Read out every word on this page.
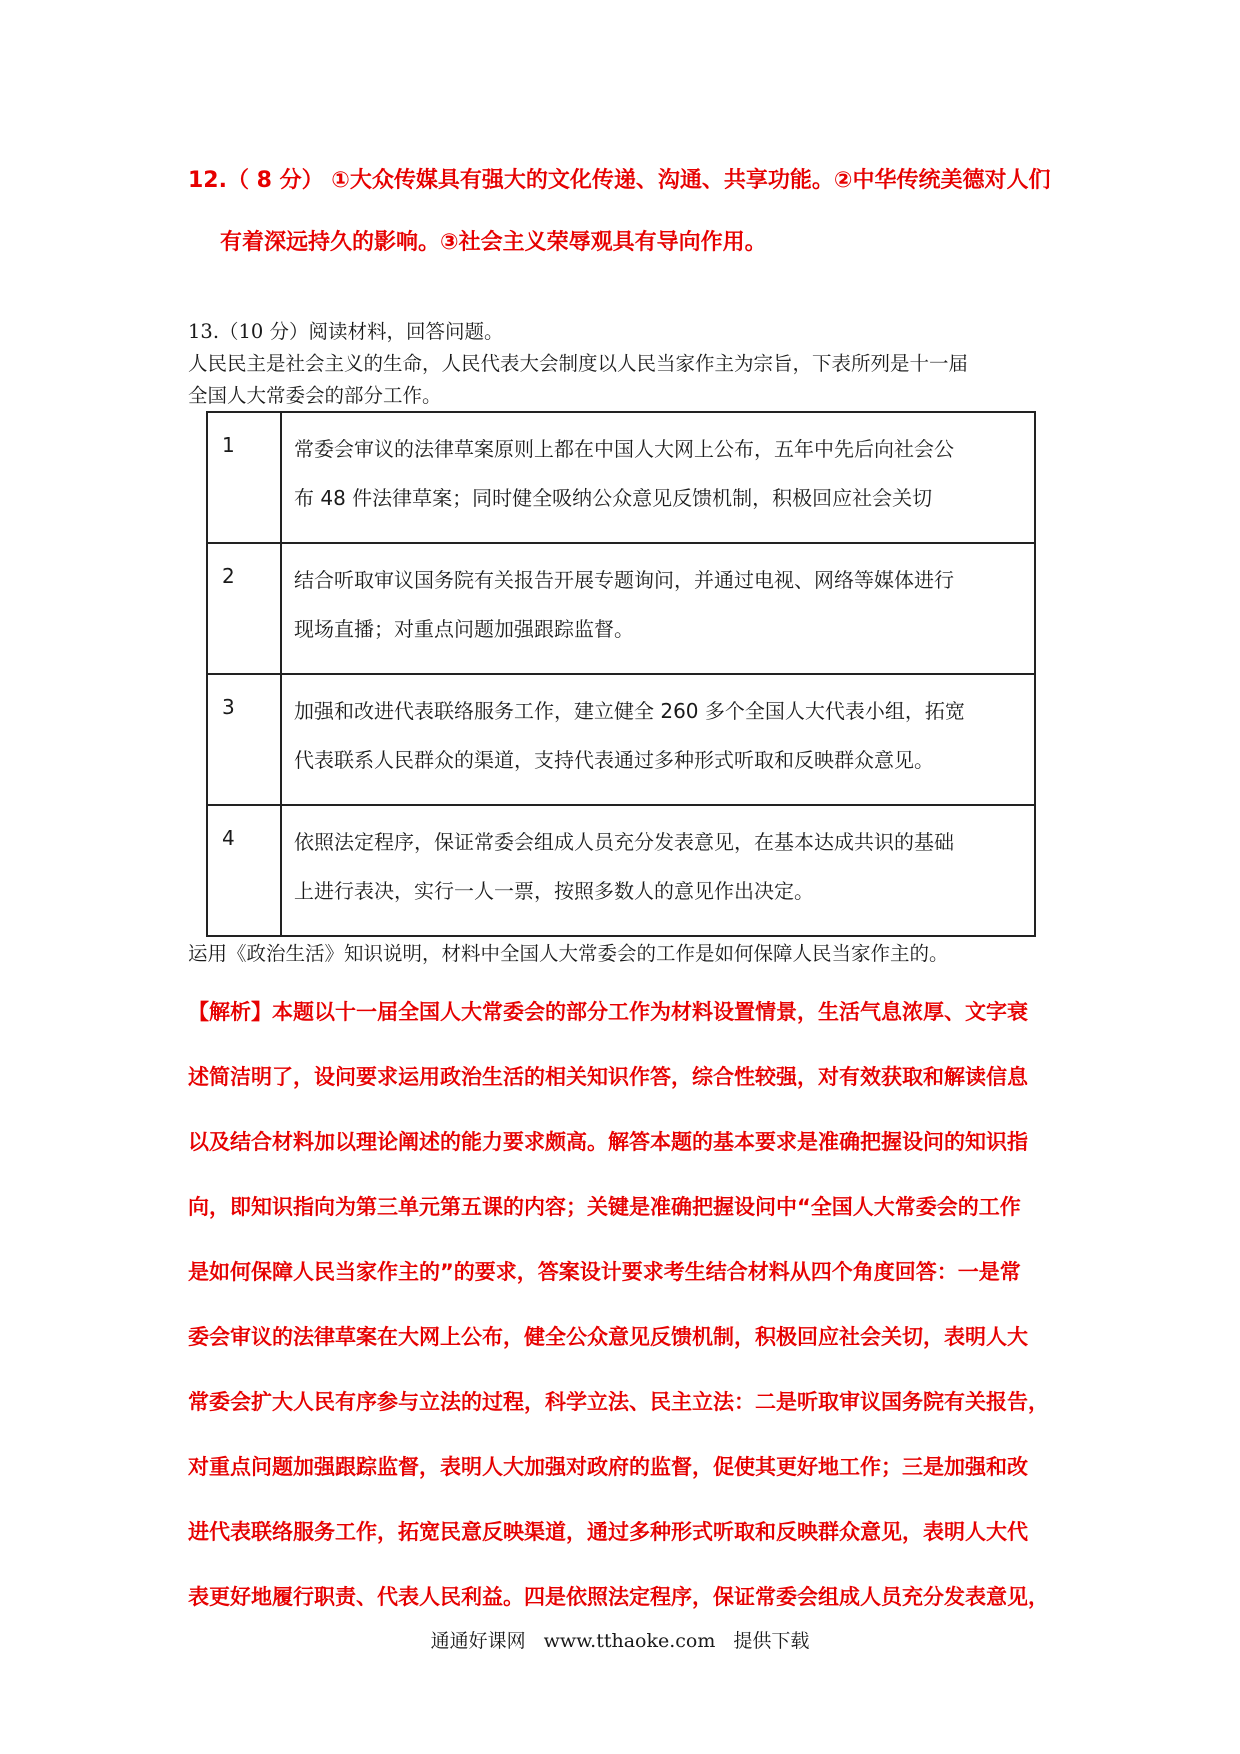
12.（ 8 分） ①大众传媒具有强大的文化传递、沟通、共享功能。②中华传统美德对人们
有着深远持久的影响。③社会主义荣辱观具有导向作用。
13.（10 分）阅读材料，回答问题。
人民民主是社会主义的生命，人民代表大会制度以人民当家作主为宗旨，下表所列是十一届
全国人大常委会的部分工作。
1	常委会审议的法律草案原则上都在中国人大网上公布，五年中先后向社会公
布 48 件法律草案；同时健全吸纳公众意见反馈机制，积极回应社会关切

2	结合听取审议国务院有关报告开展专题询问，并通过电视、网络等媒体进行
现场直播；对重点问题加强跟踪监督。

3	加强和改进代表联络服务工作，建立健全 260 多个全国人大代表小组，拓宽
代表联系人民群众的渠道，支持代表通过多种形式听取和反映群众意见。

4	依照法定程序，保证常委会组成人员充分发表意见，在基本达成共识的基础
上进行表决，实行一人一票，按照多数人的意见作出决定。
运用《政治生活》知识说明，材料中全国人大常委会的工作是如何保障人民当家作主的。
【解析】本题以十一届全国人大常委会的部分工作为材料设置情景，生活气息浓厚、文字衰
述简洁明了，设问要求运用政治生活的相关知识作答，综合性较强，对有效获取和解读信息
以及结合材料加以理论阐述的能力要求颇高。解答本题的基本要求是准确把握设问的知识指
向，即知识指向为第三单元第五课的内容；关键是准确把握设问中“全国人大常委会的工作
是如何保障人民当家作主的”的要求，答案设计要求考生结合材料从四个角度回答：一是常
委会审议的法律草案在大网上公布，健全公众意见反馈机制，积极回应社会关切，表明人大
常委会扩大人民有序参与立法的过程，科学立法、民主立法：二是听取审议国务院有关报告，
对重点问题加强跟踪监督，表明人大加强对政府的监督，促使其更好地工作；三是加强和改
进代表联络服务工作，拓宽民意反映渠道，通过多种形式听取和反映群众意见，表明人大代
表更好地履行职责、代表人民利益。四是依照法定程序，保证常委会组成人员充分发表意见，
通通好课网 www.tthaoke.com 提供下载
